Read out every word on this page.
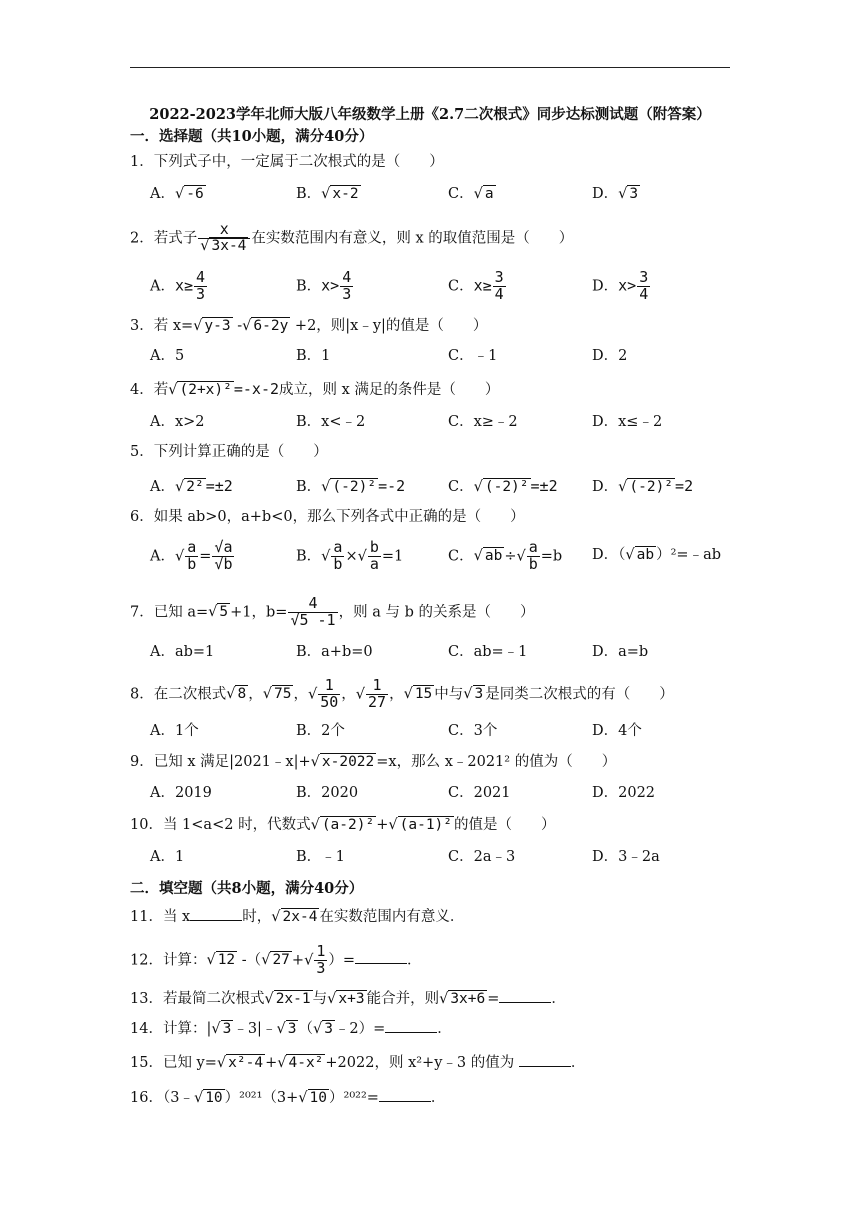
2022-2023学年北师大版八年级数学上册《2.7二次根式》同步达标测试题（附答案）
一．选择题（共10小题，满分40分）
1．下列式子中，一定属于二次根式的是（　　）
A．√ -6	B．√ x-2	C．√ a	D．√ 3
2．若式子 $\frac{x}{√ 3x-4}$ 在实数范围内有意义，则 x 的取值范围是（　　）
A．$x\ge \frac{4}{3}$	B．$x> \frac{4}{3}$	C．$x\ge \frac{3}{4}$	D．$x> \frac{3}{4}$
3．若 x=√ y-3 -√ 6-2y +2，则|x﹣y|的值是（　　）
A．5	B．1	C．﹣1	D．2
4．若√ (2+x)² =-x-2成立，则 x 满足的条件是（　　）
A．x>2	B．x<﹣2	C．x≥﹣2	D．x≤﹣2
5．下列计算正确的是（　　）
A．√ 2² =±2	B．√ (-2)² =-2	C．√ (-2)² =±2 D．√ (-2)² =2
6．如果 ab>0，a+b<0，那么下列各式中正确的是（　　）
A．√ $\frac{a}{b} = \frac{√a}{√b}$	B．√ $\frac{a}{b}$ ×√ $\frac{b}{a} =1$	C．√ ab ÷√ $\frac{a}{b} =b$ D．（√ ab ）²=﹣ab
7．已知 a=√ 5 +1，$b= \frac{4}{√5 -1}$ ，则 a 与 b 的关系是（　　）
A．ab=1	B．a+b=0	C．ab=﹣1	D．a=b
8．在二次根式√ 8 ，√ 75 ，√ $\frac{1}{50}$ ，√ $\frac{1}{27}$ ，√ 15 中与√ 3 是同类二次根式的有（　　）
A．1个	B．2个	C．3个	D．4个
9．已知 x 满足|2021﹣x|+√ x-2022 =x，那么 x﹣2021² 的值为（　　）
A．2019	B．2020	C．2021	D．2022
10．当 1<a<2 时，代数式√ (a-2)² +√ (a-1)² 的值是（　　）
A．1	B．﹣1	C．2a﹣3	D．3﹣2a
二．填空题（共8小题，满分40分）
11．当 x	时，√ 2x-4 在实数范围内有意义．
12．计算：√ 12 -（√ 27 +√ $\frac{1}{3}$ ）=	．
13．若最简二次根式√ 2x-1 与√ x+3 能合并，则√ 3x+6 =	．
14．计算：|√ 3 ﹣3|﹣√ 3 （√ 3 ﹣2）=	．
15．已知 y=√ x²-4 +√ 4-x² +2022，则 x²+y﹣3 的值为	．
16．（3﹣√ 10 ）²⁰²¹（3+√ 10 ）²⁰²²=	．
